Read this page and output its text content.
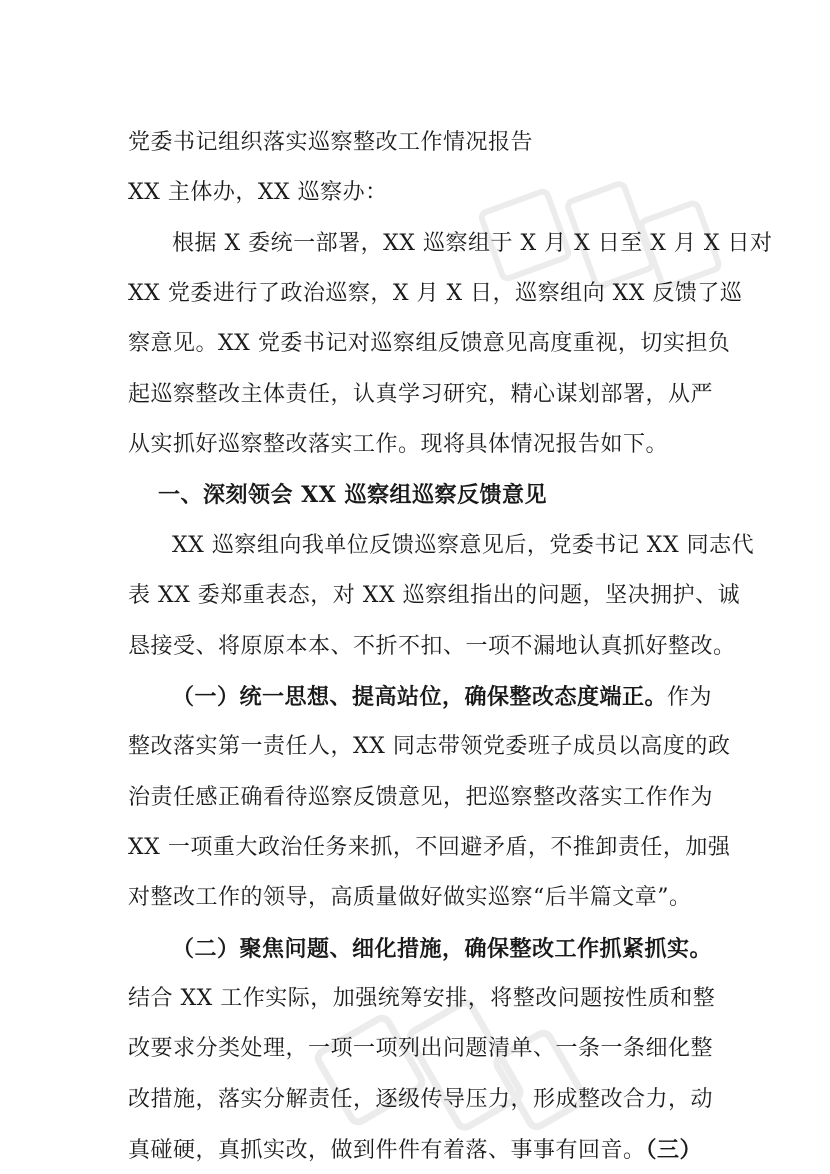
党委书记组织落实巡察整改工作情况报告
XX 主体办，XX 巡察办：
根据 X 委统一部署，XX 巡察组于 X 月 X 日至 X 月 X 日对
XX 党委进行了政治巡察，X 月 X 日，巡察组向 XX 反馈了巡
察意见。XX 党委书记对巡察组反馈意见高度重视，切实担负
起巡察整改主体责任，认真学习研究，精心谋划部署，从严
从实抓好巡察整改落实工作。现将具体情况报告如下。
一、深刻领会 XX 巡察组巡察反馈意见
XX 巡察组向我单位反馈巡察意见后，党委书记 XX 同志代
表 XX 委郑重表态，对 XX 巡察组指出的问题，坚决拥护、诚
恳接受、将原原本本、不折不扣、一项不漏地认真抓好整改。
（一）统一思想、提高站位，确保整改态度端正。作为
整改落实第一责任人，XX 同志带领党委班子成员以高度的政
治责任感正确看待巡察反馈意见，把巡察整改落实工作作为
XX 一项重大政治任务来抓，不回避矛盾，不推卸责任，加强
对整改工作的领导，高质量做好做实巡察“后半篇文章”。
（二）聚焦问题、细化措施，确保整改工作抓紧抓实。
结合 XX 工作实际，加强统筹安排，将整改问题按性质和整
改要求分类处理，一项一项列出问题清单、一条一条细化整
改措施，落实分解责任，逐级传导压力，形成整改合力，动
真碰硬，真抓实改，做到件件有着落、事事有回音。（三）
